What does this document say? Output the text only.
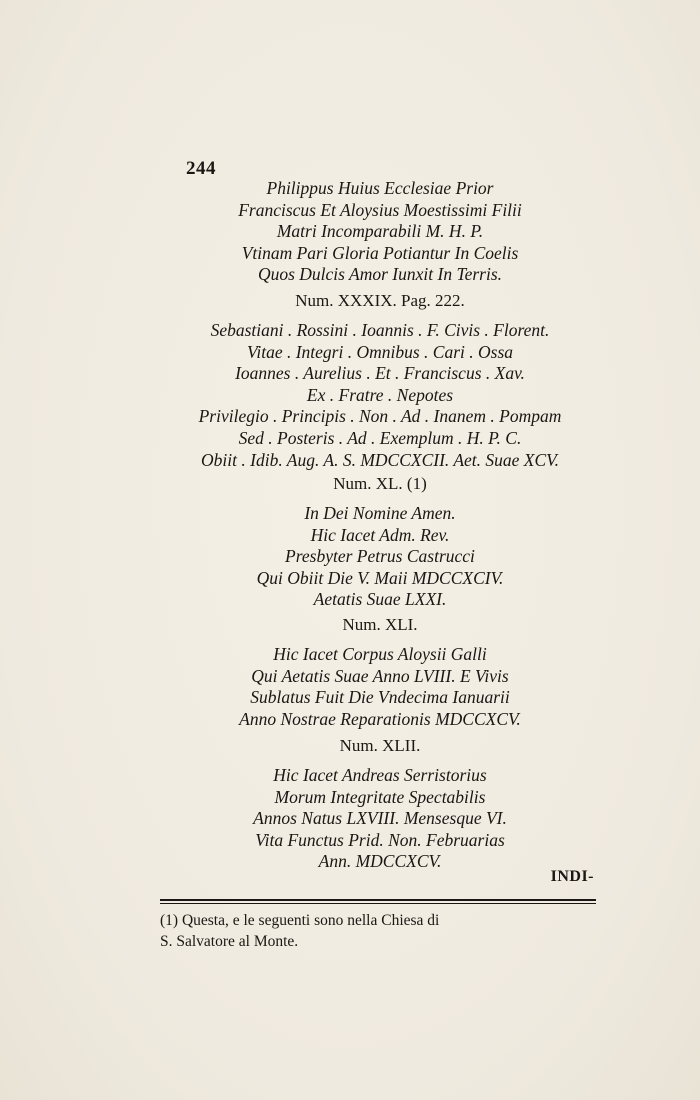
244
Philippus Huius Ecclesiae Prior
Franciscus Et Aloysius Moestissimi Filii
Matri Incomparabili M. H. P.
Vtinam Pari Gloria Potiantur In Coelis
Quos Dulcis Amor Iunxit In Terris.
Num. XXXIX. Pag. 222.
Sebastiani . Rossini . Ioannis . F. Civis . Florent.
Vitae . Integri . Omnibus . Cari . Ossa
Ioannes . Aurelius . Et . Franciscus . Xav.
Ex . Fratre . Nepotes
Privilegio . Principis . Non . Ad . Inanem . Pompam
Sed . Posteris . Ad . Exemplum . H. P. C.
Obiit . Idib. Aug. A. S. MDCCXCII. Aet. Suae XCV.
Num. XL. (1)
In Dei Nomine Amen.
Hic Iacet Adm. Rev.
Presbyter Petrus Castrucci
Qui Obiit Die V. Maii MDCCXCIV.
Aetatis Suae LXXI.
Num. XLI.
Hic Iacet Corpus Aloysii Galli
Qui Aetatis Suae Anno LVIII. E Vivis
Sublatus Fuit Die Vndecima Ianuarii
Anno Nostrae Reparationis MDCCXCV.
Num. XLII.
Hic Iacet Andreas Serristorius
Morum Integritate Spectabilis
Annos Natus LXVIII. Mensesque VI.
Vita Functus Prid. Non. Februarias
Ann. MDCCXCV.
INDI-
(1) Questa, e le seguenti sono nella Chiesa di
S. Salvatore al Monte.
